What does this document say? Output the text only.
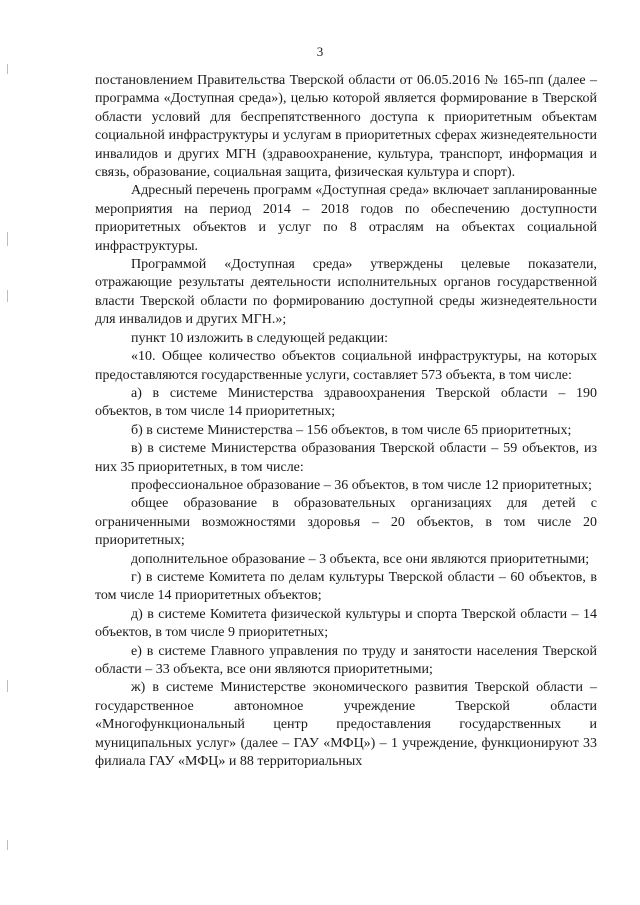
3

постановлением Правительства Тверской области от 06.05.2016 № 165-пп (далее – программа «Доступная среда»), целью которой является формирование в Тверской области условий для беспрепятственного доступа к приоритетным объектам социальной инфраструктуры и услугам в приоритетных сферах жизнедеятельности инвалидов и других МГН (здравоохранение, культура, транспорт, информация и связь, образование, социальная защита, физическая культура и спорт).

Адресный перечень программ «Доступная среда» включает запланированные мероприятия на период 2014 – 2018 годов по обеспечению доступности приоритетных объектов и услуг по 8 отраслям на объектах социальной инфраструктуры.

Программой «Доступная среда» утверждены целевые показатели, отражающие результаты деятельности исполнительных органов государственной власти Тверской области по формированию доступной среды жизнедеятельности для инвалидов и других МГН.»;

пункт 10 изложить в следующей редакции:

«10. Общее количество объектов социальной инфраструктуры, на которых предоставляются государственные услуги, составляет 573 объекта, в том числе:

а) в системе Министерства здравоохранения Тверской области – 190 объектов, в том числе 14 приоритетных;

б) в системе Министерства – 156 объектов, в том числе 65 приоритетных;

в) в системе Министерства образования Тверской области – 59 объектов, из них 35 приоритетных, в том числе:

профессиональное образование – 36 объектов, в том числе 12 приоритетных;

общее образование в образовательных организациях для детей с ограниченными возможностями здоровья – 20 объектов, в том числе 20 приоритетных;

дополнительное образование – 3 объекта, все они являются приоритетными;

г) в системе Комитета по делам культуры Тверской области – 60 объектов, в том числе 14 приоритетных объектов;

д) в системе Комитета физической культуры и спорта Тверской области – 14 объектов, в том числе 9 приоритетных;

е) в системе Главного управления по труду и занятости населения Тверской области – 33 объекта, все они являются приоритетными;

ж) в системе Министерстве экономического развития Тверской области – государственное автономное учреждение Тверской области «Многофункциональный центр предоставления государственных и муниципальных услуг» (далее – ГАУ «МФЦ») – 1 учреждение, функционируют 33 филиала ГАУ «МФЦ» и 88 территориальных
